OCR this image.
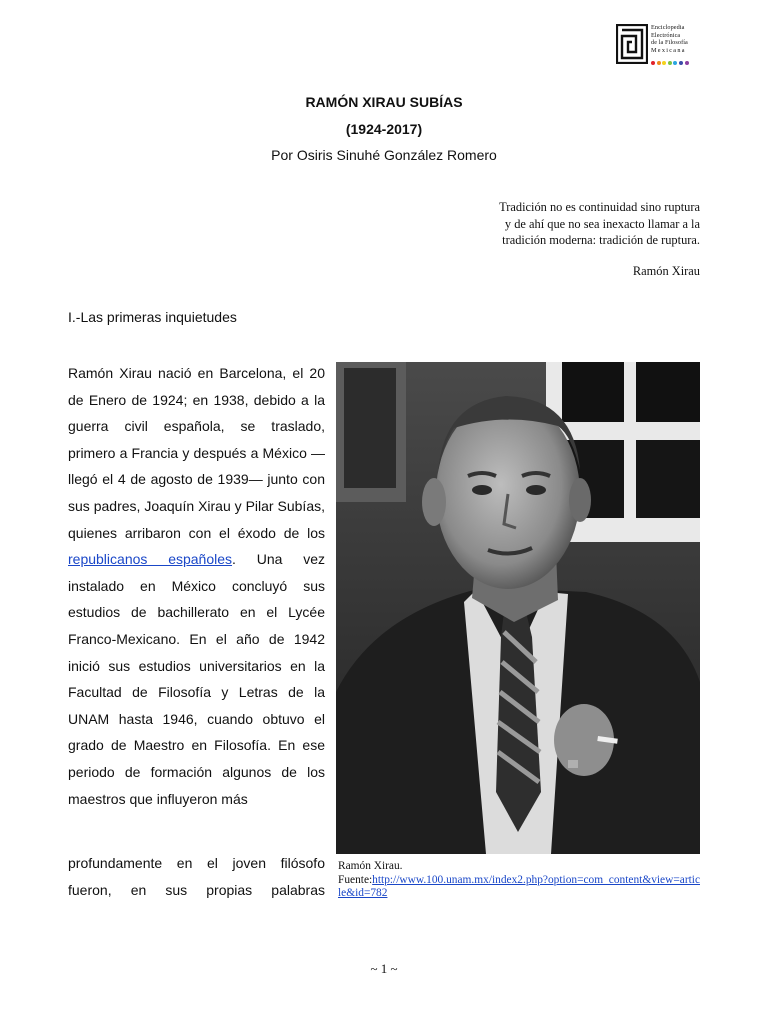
Enciclopedia
Electrónica
de la Filosofía
Mexicana
RAMÓN XIRAU SUBÍAS
(1924-2017)
Por Osiris Sinuhé González Romero
Tradición no es continuidad sino ruptura
y de ahí que no sea inexacto llamar a la
tradición moderna: tradición de ruptura.
Ramón Xirau
I.-Las primeras inquietudes
Ramón Xirau nació en Barcelona, el 20 de Enero de 1924; en 1938, debido a la guerra civil española, se traslado, primero a Francia y después a México —llegó el 4 de agosto de 1939— junto con sus padres, Joaquín Xirau y Pilar Subías, quienes arribaron con el éxodo de los republicanos españoles. Una vez instalado en México concluyó sus estudios de bachillerato en el Lycée Franco-Mexicano. En el año de 1942 inició sus estudios universitarios en la Facultad de Filosofía y Letras de la UNAM hasta 1946, cuando obtuvo el grado de Maestro en Filosofía. En ese periodo de formación algunos de los maestros que influyeron más
profundamente en el joven filósofo
fueron, en sus propias palabras
Ramón Xirau.
Fuente:http://www.100.unam.mx/index2.php?option=com_content&view=article&id=782
~ 1 ~
